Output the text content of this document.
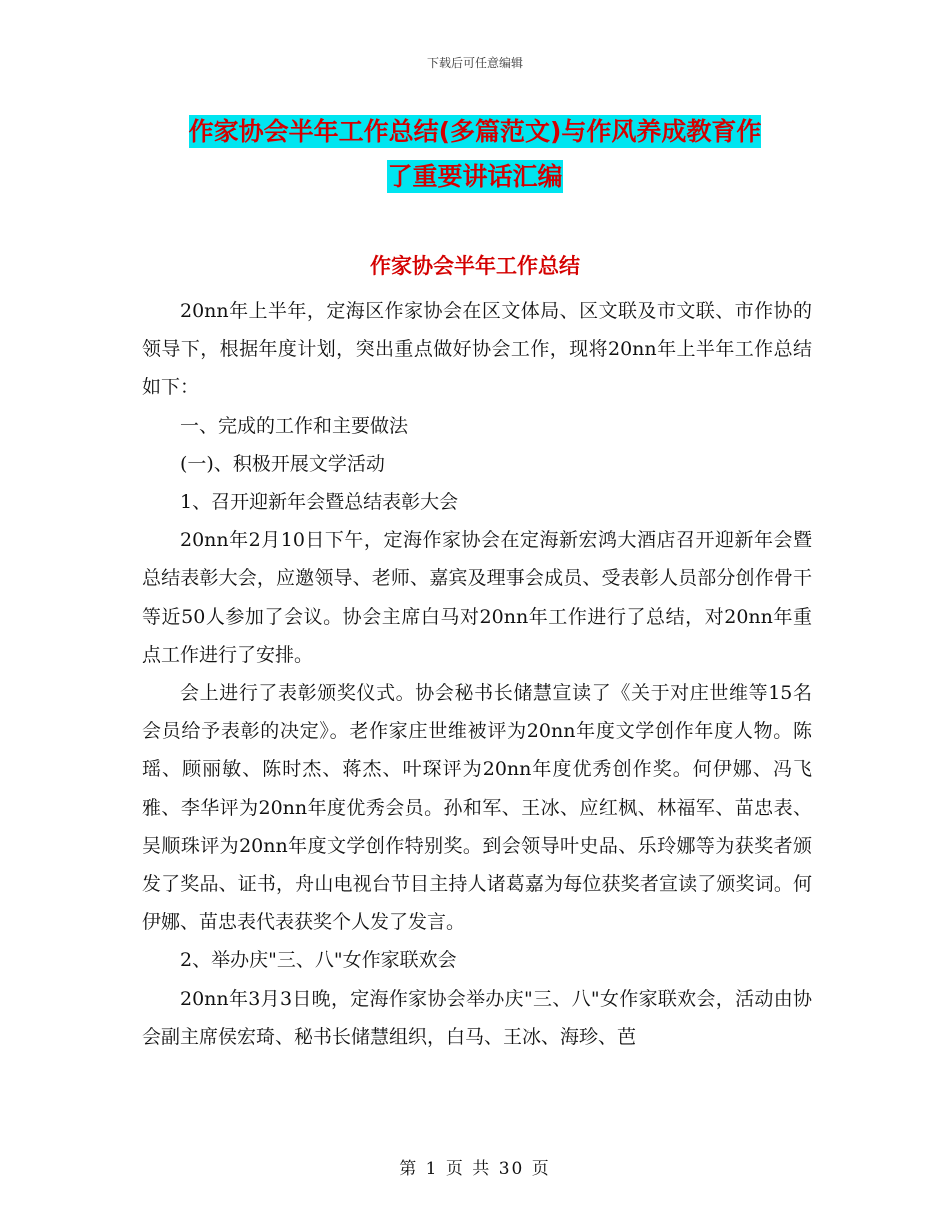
下载后可任意编辑
作家协会半年工作总结(多篇范文)与作风养成教育作
了重要讲话汇编
作家协会半年工作总结

20nn年上半年，定海区作家协会在区文体局、区文联及市文联、市作协的领导下，根据年度计划，突出重点做好协会工作，现将20nn年上半年工作总结如下：

一、完成的工作和主要做法

(一)、积极开展文学活动

1、召开迎新年会暨总结表彰大会

20nn年2月10日下午，定海作家协会在定海新宏鸿大酒店召开迎新年会暨总结表彰大会，应邀领导、老师、嘉宾及理事会成员、受表彰人员部分创作骨干等近50人参加了会议。协会主席白马对20nn年工作进行了总结，对20nn年重点工作进行了安排。

会上进行了表彰颁奖仪式。协会秘书长储慧宣读了《关于对庄世维等15名会员给予表彰的决定》。老作家庄世维被评为20nn年度文学创作年度人物。陈瑶、顾丽敏、陈时杰、蒋杰、叶琛评为20nn年度优秀创作奖。何伊娜、冯飞雅、李华评为20nn年度优秀会员。孙和军、王冰、应红枫、林福军、苗忠表、吴顺珠评为20nn年度文学创作特别奖。到会领导叶史品、乐玲娜等为获奖者颁发了奖品、证书，舟山电视台节目主持人诸葛嘉为每位获奖者宣读了颁奖词。何伊娜、苗忠表代表获奖个人发了发言。

2、举办庆"三、八"女作家联欢会

20nn年3月3日晚，定海作家协会举办庆"三、八"女作家联欢会，活动由协会副主席侯宏琦、秘书长储慧组织，白马、王冰、海珍、芭

第 1 页 共 30 页
